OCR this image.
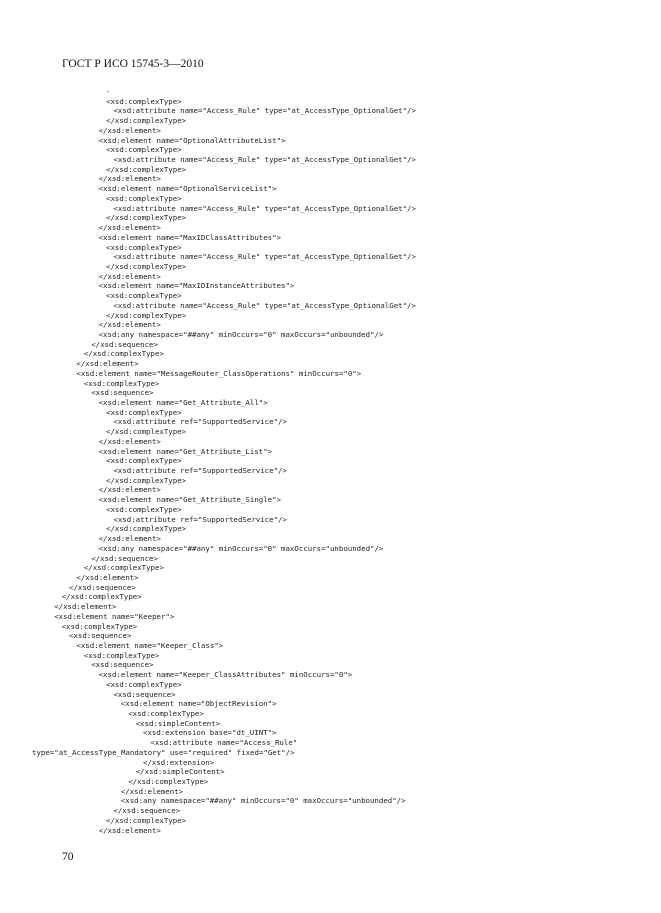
ГОСТ Р ИСО 15745-3—2010
-
<xsd:complexType>
<xsd:attribute name="Access_Rule" type="at_AccessType_OptionalGet"/>
</xsd:complexType>
</xsd:element>
<xsd:element name="OptionalAttributeList">
<xsd:complexType>
<xsd:attribute name="Access_Rule" type="at_AccessType_OptionalGet"/>
</xsd:complexType>
</xsd:element>
<xsd:element name="OptionalServiceList">
<xsd:complexType>
<xsd:attribute name="Access_Rule" type="at_AccessType_OptionalGet"/>
</xsd:complexType>
</xsd:element>
<xsd:element name="MaxIDClassAttributes">
<xsd:complexType>
<xsd:attribute name="Access_Rule" type="at_AccessType_OptionalGet"/>
</xsd:complexType>
</xsd:element>
<xsd:element name="MaxIDInstanceAttributes">
<xsd:complexType>
<xsd:attribute name="Access_Rule" type="at_AccessType_OptionalGet"/>
</xsd:complexType>
</xsd:element>
<xsd:any namespace="##any" minOccurs="0" maxOccurs="unbounded"/>
</xsd:sequence>
</xsd:complexType>
</xsd:element>
<xsd:element name="MessageRouter_ClassOperations" minOccurs="0">
<xsd:complexType>
<xsd:sequence>
<xsd:element name="Get_Attribute_All">
<xsd:complexType>
<xsd:attribute ref="SupportedService"/>
</xsd:complexType>
</xsd:element>
<xsd:element name="Get_Attribute_List">
<xsd:complexType>
<xsd:attribute ref="SupportedService"/>
</xsd:complexType>
</xsd:element>
<xsd:element name="Get_Attribute_Single">
<xsd:complexType>
<xsd:attribute ref="SupportedService"/>
</xsd:complexType>
</xsd:element>
<xsd:any namespace="##any" minOccurs="0" maxOccurs="unbounded"/>
</xsd:sequence>
</xsd:complexType>
</xsd:element>
</xsd:sequence>
</xsd:complexType>
</xsd:element>
<xsd:element name="Keeper">
<xsd:complexType>
<xsd:sequence>
<xsd:element name="Keeper_Class">
<xsd:complexType>
<xsd:sequence>
<xsd:element name="Keeper_ClassAttributes" minOccurs="0">
<xsd:complexType>
<xsd:sequence>
<xsd:element name="ObjectRevision">
<xsd:complexType>
<xsd:simpleContent>
<xsd:extension base="dt_UINT">
<xsd:attribute name="Access_Rule"
type="at_AccessType_Mandatory" use="required" fixed="Get"/>
</xsd:extension>
</xsd:simpleContent>
</xsd:complexType>
</xsd:element>
<xsd:any namespace="##any" minOccurs="0" maxOccurs="unbounded"/>
</xsd:sequence>
</xsd:complexType>
</xsd:element>
70
